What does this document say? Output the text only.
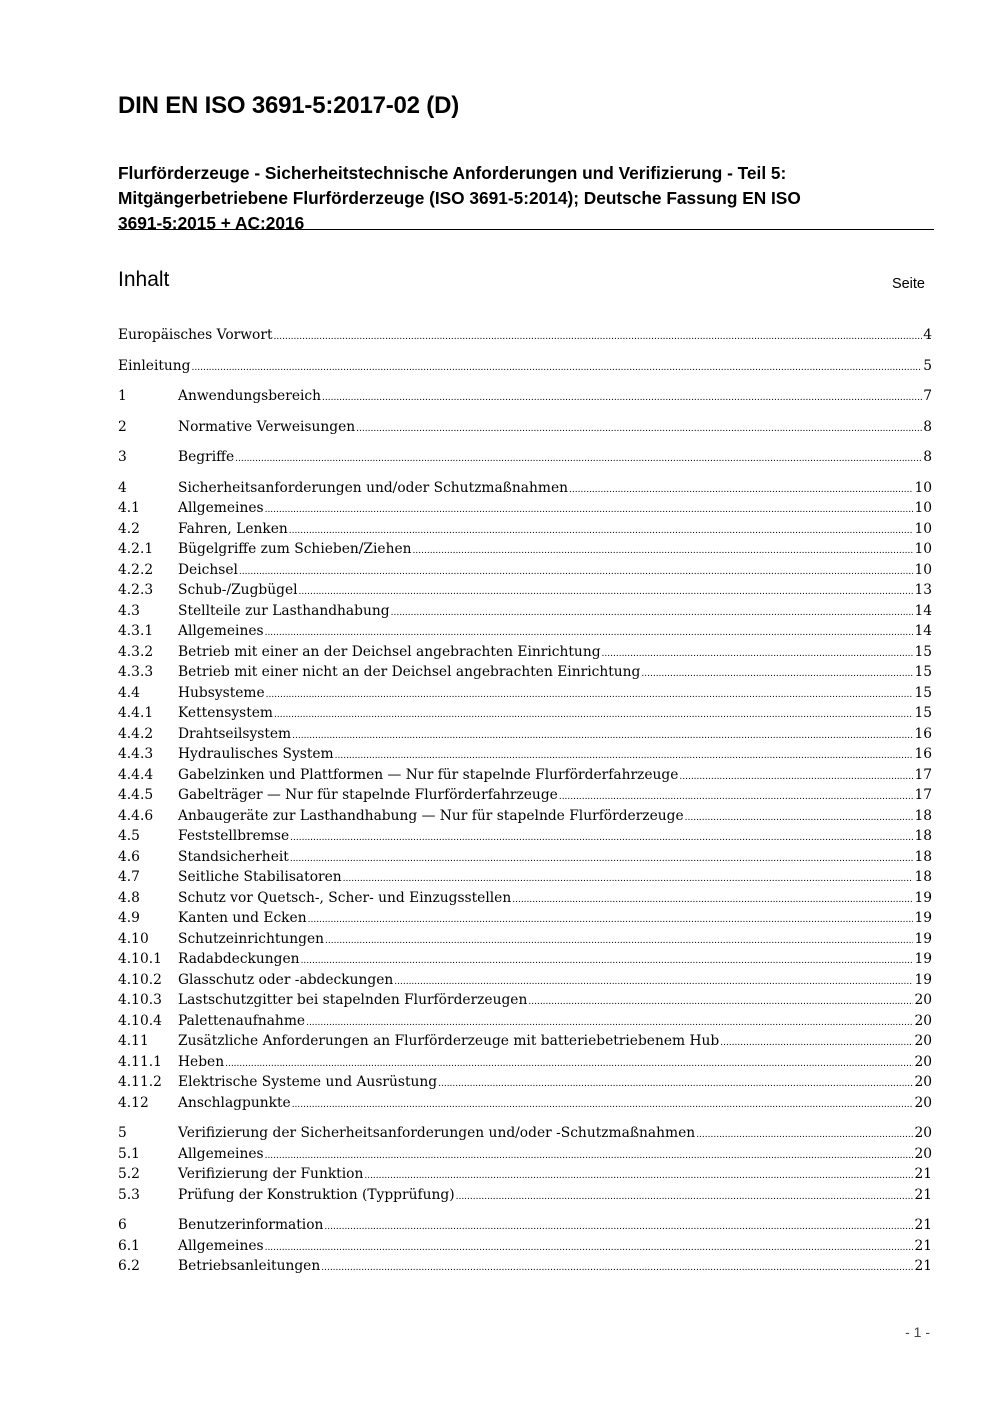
DIN EN ISO 3691-5:2017-02 (D)
Flurförderzeuge - Sicherheitstechnische Anforderungen und Verifizierung - Teil 5:
Mitgängerbetriebene Flurförderzeuge (ISO 3691-5:2014); Deutsche Fassung EN ISO
3691-5:2015 + AC:2016
Inhalt	Seite
Europäisches Vorwort .....	4
Einleitung .....	5
1	Anwendungsbereich .....	7
2	Normative Verweisungen .....	8
3	Begriffe .....	8
4	Sicherheitsanforderungen und/oder Schutzmaßnahmen .....	10
4.1	Allgemeines .....	10
4.2	Fahren, Lenken .....	10
4.2.1	Bügelgriffe zum Schieben/Ziehen .....	10
4.2.2	Deichsel .....	10
4.2.3	Schub-/Zugbügel .....	13
4.3	Stellteile zur Lasthandhabung .....	14
4.3.1	Allgemeines .....	14
4.3.2	Betrieb mit einer an der Deichsel angebrachten Einrichtung .....	15
4.3.3	Betrieb mit einer nicht an der Deichsel angebrachten Einrichtung .....	15
4.4	Hubsysteme .....	15
4.4.1	Kettensystem .....	15
4.4.2	Drahtseilsystem .....	16
4.4.3	Hydraulisches System .....	16
4.4.4	Gabelzinken und Plattformen — Nur für stapelnde Flurförderfahrzeuge .....	17
4.4.5	Gabelträger — Nur für stapelnde Flurförderfahrzeuge .....	17
4.4.6	Anbaugeräte zur Lasthandhabung — Nur für stapelnde Flurförderzeuge .....	18
4.5	Feststellbremse .....	18
4.6	Standsicherheit .....	18
4.7	Seitliche Stabilisatoren .....	18
4.8	Schutz vor Quetsch-, Scher- und Einzugsstellen .....	19
4.9	Kanten und Ecken .....	19
4.10	Schutzeinrichtungen .....	19
4.10.1	Radabdeckungen .....	19
4.10.2	Glasschutz oder -abdeckungen .....	19
4.10.3	Lastschutzgitter bei stapelnden Flurförderzeugen .....	20
4.10.4	Palettenaufnahme .....	20
4.11	Zusätzliche Anforderungen an Flurförderzeuge mit batteriebetriebenem Hub .....	20
4.11.1	Heben .....	20
4.11.2	Elektrische Systeme und Ausrüstung .....	20
4.12	Anschlagpunkte .....	20
5	Verifizierung der Sicherheitsanforderungen und/oder -Schutzmaßnahmen .....	20
5.1	Allgemeines .....	20
5.2	Verifizierung der Funktion .....	21
5.3	Prüfung der Konstruktion (Typprüfung) .....	21
6	Benutzerinformation .....	21
6.1	Allgemeines .....	21
6.2	Betriebsanleitungen .....	21
- 1 -
